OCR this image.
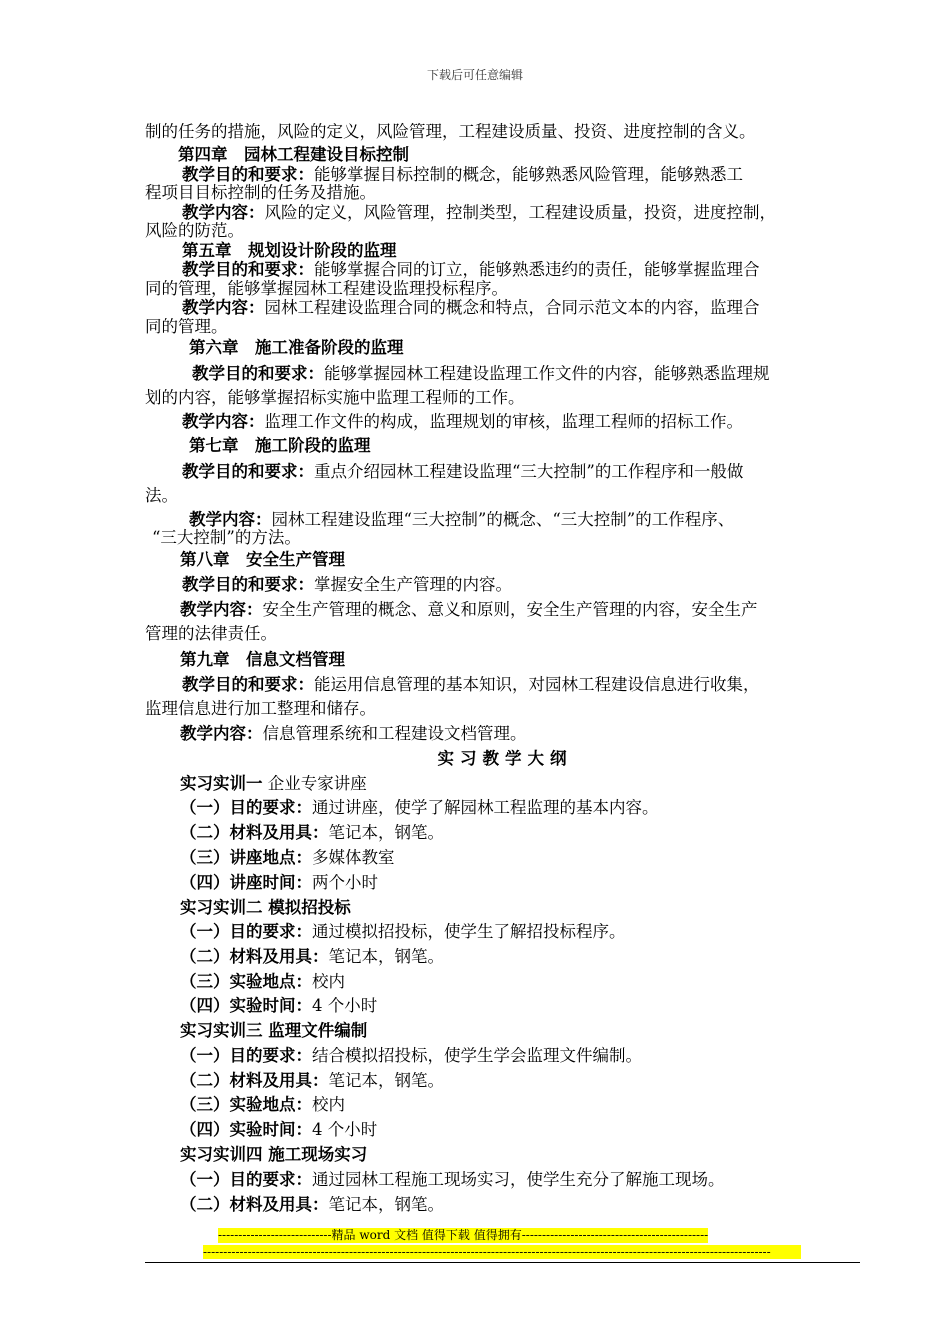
下载后可任意编辑
实习教学大纲
制的任务的措施，风险的定义，风险管理，工程建设质量、投资、进度控制的含义。
第四章　园林工程建设目标控制
教学目的和要求：能够掌握目标控制的概念，能够熟悉风险管理，能够熟悉工
程项目目标控制的任务及措施。
教学内容：风险的定义，风险管理，控制类型，工程建设质量，投资，进度控制，
风险的防范。
第五章　规划设计阶段的监理
教学目的和要求：能够掌握合同的订立，能够熟悉违约的责任，能够掌握监理合
同的管理，能够掌握园林工程建设监理投标程序。
教学内容：园林工程建设监理合同的概念和特点，合同示范文本的内容，监理合
同的管理。
第六章　施工准备阶段的监理
教学目的和要求：能够掌握园林工程建设监理工作文件的内容，能够熟悉监理规
划的内容，能够掌握招标实施中监理工程师的工作。
教学内容：监理工作文件的构成，监理规划的审核，监理工程师的招标工作。
第七章　施工阶段的监理
教学目的和要求：重点介绍园林工程建设监理“三大控制”的工作程序和一般做
法。
教学内容：园林工程建设监理“三大控制”的概念、“三大控制”的工作程序、
“三大控制”的方法。
第八章　安全生产管理
教学目的和要求：掌握安全生产管理的内容。
教学内容：安全生产管理的概念、意义和原则，安全生产管理的内容，安全生产
管理的法律责任。
第九章　信息文档管理
教学目的和要求：能运用信息管理的基本知识，对园林工程建设信息进行收集，
监理信息进行加工整理和储存。
教学内容：信息管理系统和工程建设文档管理。
实习实训一 企业专家讲座
（一）目的要求：通过讲座，使学了解园林工程监理的基本内容。
（二）材料及用具：笔记本，钢笔。
（三）讲座地点：多媒体教室
（四）讲座时间：两个小时
实习实训二 模拟招投标
（一）目的要求：通过模拟招投标，使学生了解招投标程序。
（二）材料及用具：笔记本，钢笔。
（三）实验地点：校内
（四）实验时间：4 个小时
实习实训三 监理文件编制
（一）目的要求：结合模拟招投标，使学生学会监理文件编制。
（二）材料及用具：笔记本，钢笔。
（三）实验地点：校内
（四）实验时间：4 个小时
实习实训四 施工现场实习
（一）目的要求：通过园林工程施工现场实习，使学生充分了解施工现场。
（二）材料及用具：笔记本，钢笔。
----------------------------精品 word 文档 值得下载 值得拥有----------------------------------------------
--------------------------------------------------------------------------------------------------------------------------------------------
